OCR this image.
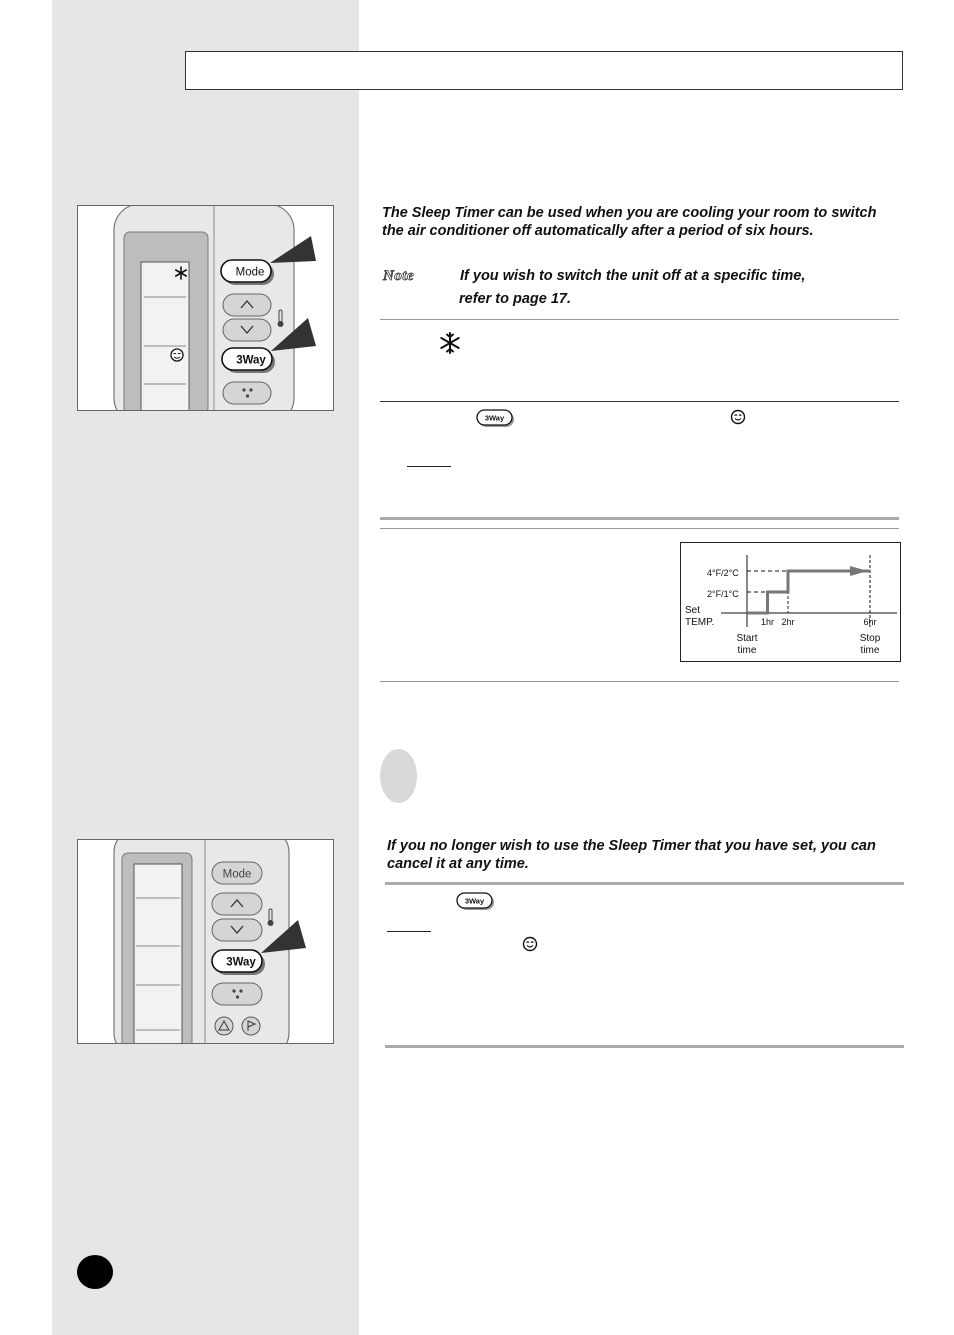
The Sleep Timer can be used when you are cooling your room to switch the air conditioner off automatically after a period of six hours.
Note	If you wish to switch the unit off at a specific time,
refer to page 17.
3Way
4°F/2°C
2°F/1°C
Set
TEMP.
Start
time
Stop
time
1hr 2hr	6hr
If you no longer wish to use the Sleep Timer that you have set, you can cancel it at any time.
3Way
Mode
3Way
Mode
3Way
